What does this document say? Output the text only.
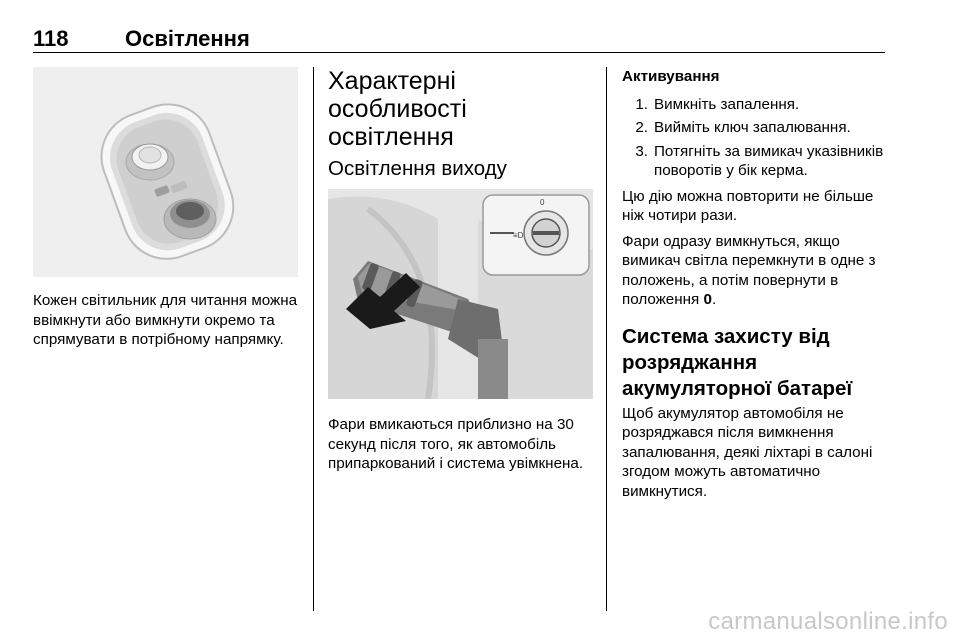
118	Освітлення

Кожен світильник для читання можна ввімкнути або вимкнути окремо та спрямувати в потрібному напрямку.

Характерні особливості освітлення
Освітлення виходу
≡D
0

Фари вмикаються приблизно на 30 секунд після того, як автомобіль припаркований і система увімкнена.

Активування
1. Вимкніть запалення.
2. Вийміть ключ запалювання.
3. Потягніть за вимикач указівників поворотів у бік керма.

Цю дію можна повторити не більше ніж чотири рази.

Фари одразу вимкнуться, якщо вимикач світла перемкнути в одне з положень, а потім повернути в положення 0.

Система захисту від розряджання акумуляторної батареї

Щоб акумулятор автомобіля не розряджався після вимкнення запалювання, деякі ліхтарі в салоні згодом можуть автоматично вимкнутися.

carmanualsonline.info
